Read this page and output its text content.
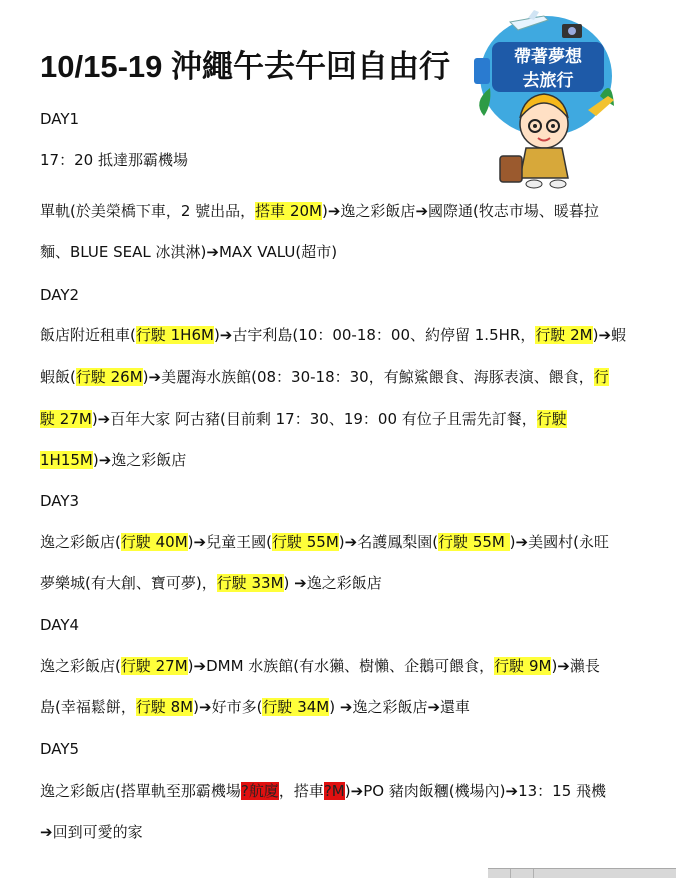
10/15-19 沖繩午去午回自由行	帶著夢想
去旅行
DAY1
17：20 抵達那霸機場
單軌(於美榮橋下車，2 號出品，搭車 20M)➔逸之彩飯店➔國際通(牧志市場、暖暮拉
麵、BLUE SEAL 冰淇淋)➔MAX VALU(超市)
DAY2
飯店附近租車(行駛 1H6M)➔古宇利島(10：00-18：00、約停留 1.5HR，行駛 2M)➔蝦
蝦飯(行駛 26M)➔美麗海水族館(08：30-18：30，有鯨鯊餵食、海豚表演、餵食，行
駛 27M)➔百年大家 阿古豬(目前剩 17：30、19：00 有位子且需先訂餐，行駛
1H15M)➔逸之彩飯店
DAY3
逸之彩飯店(行駛 40M)➔兒童王國(行駛 55M)➔名護鳳梨園(行駛 55M )➔美國村(永旺
夢樂城(有大創、寶可夢)，行駛 33M) ➔逸之彩飯店
DAY4
逸之彩飯店(行駛 27M)➔DMM 水族館(有水獺、樹懶、企鵝可餵食，行駛 9M)➔瀨長
島(幸福鬆餅，行駛 8M)➔好市多(行駛 34M) ➔逸之彩飯店➔還車
DAY5
逸之彩飯店(搭單軌至那霸機場?航廈，搭車?M)➔PO 豬肉飯糰(機場內)➔13：15 飛機
➔回到可愛的家
